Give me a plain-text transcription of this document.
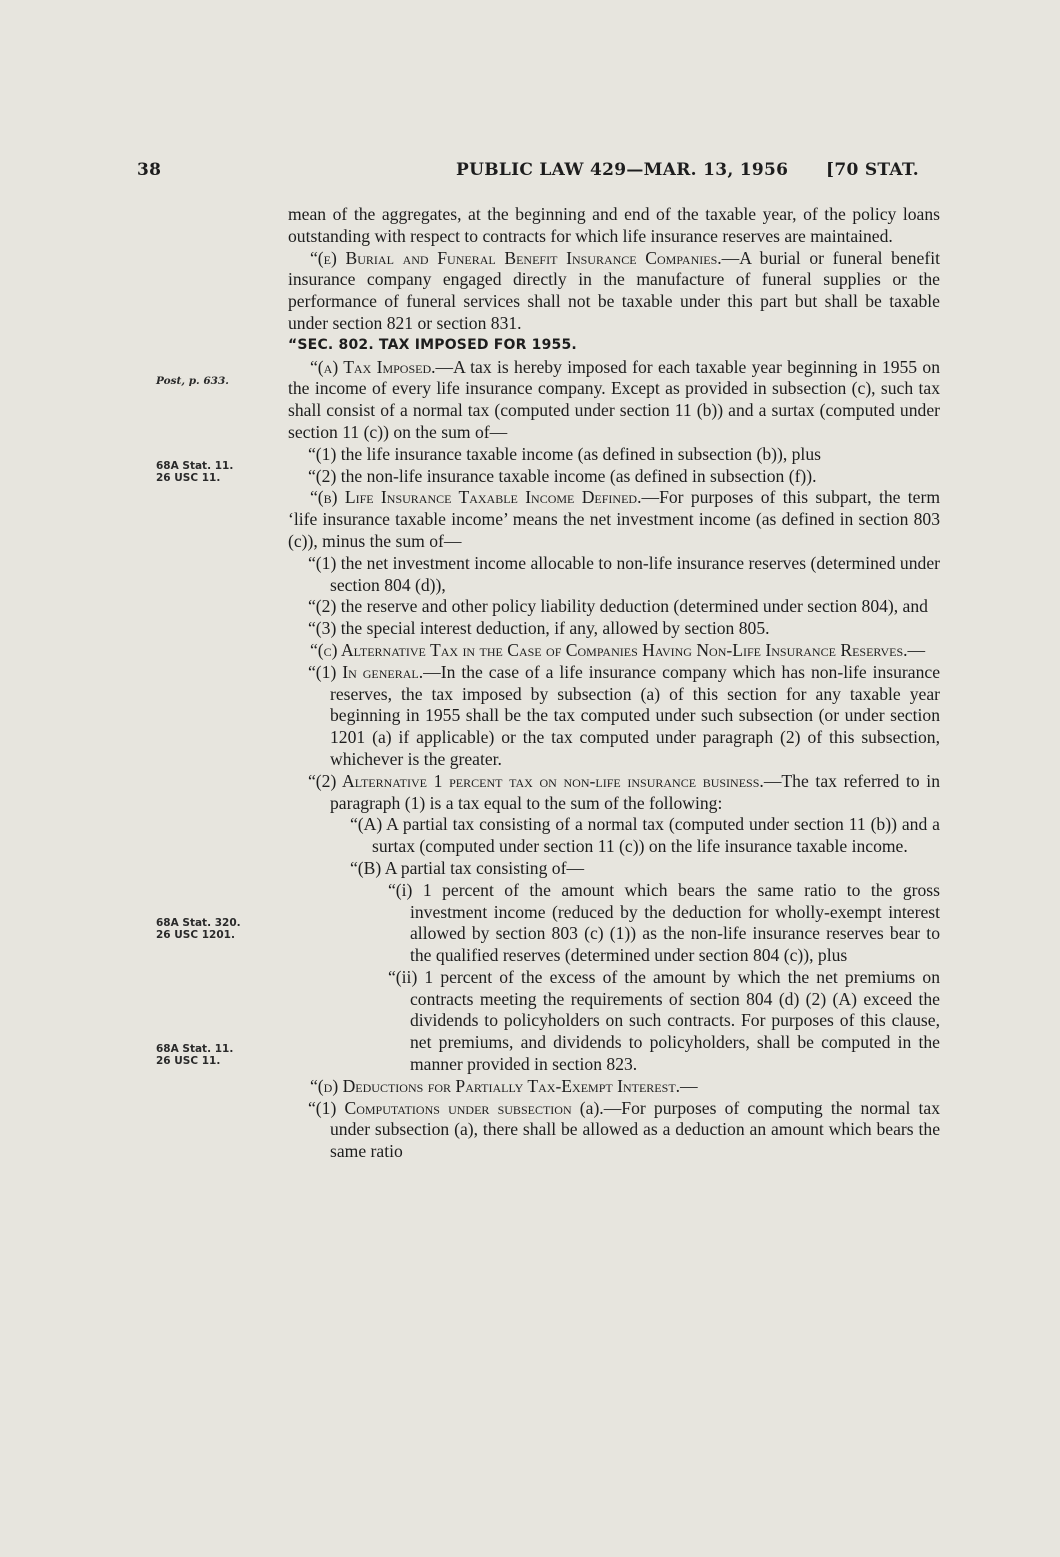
38	PUBLIC LAW 429—MAR. 13, 1956 [70 STAT.
Post, p. 633.
68A Stat. 11.
26 USC 11.
68A Stat. 320.
26 USC 1201.
68A Stat. 11.
26 USC 11.

mean of the aggregates, at the beginning and end of the taxable year, of the policy loans outstanding with respect to contracts for which life insurance reserves are maintained.

“(e) Burial and Funeral Benefit Insurance Companies.—A burial or funeral benefit insurance company engaged directly in the manufacture of funeral supplies or the performance of funeral services shall not be taxable under this part but shall be taxable under section 821 or section 831.

“SEC. 802. TAX IMPOSED FOR 1955.

“(a) Tax Imposed.—A tax is hereby imposed for each taxable year beginning in 1955 on the income of every life insurance company. Except as provided in subsection (c), such tax shall consist of a normal tax (computed under section 11 (b)) and a surtax (computed under section 11 (c)) on the sum of—

“(1) the life insurance taxable income (as defined in subsection (b)), plus

“(2) the non-life insurance taxable income (as defined in subsection (f)).

“(b) Life Insurance Taxable Income Defined.—For purposes of this subpart, the term ‘life insurance taxable income’ means the net investment income (as defined in section 803 (c)), minus the sum of—

“(1) the net investment income allocable to non-life insurance reserves (determined under section 804 (d)),

“(2) the reserve and other policy liability deduction (determined under section 804), and

“(3) the special interest deduction, if any, allowed by section 805.

“(c) Alternative Tax in the Case of Companies Having Non-Life Insurance Reserves.—

“(1) In general.—In the case of a life insurance company which has non-life insurance reserves, the tax imposed by subsection (a) of this section for any taxable year beginning in 1955 shall be the tax computed under such subsection (or under section 1201 (a) if applicable) or the tax computed under paragraph (2) of this subsection, whichever is the greater.

“(2) Alternative 1 percent tax on non-life insurance business.—The tax referred to in paragraph (1) is a tax equal to the sum of the following:

“(A) A partial tax consisting of a normal tax (computed under section 11 (b)) and a surtax (computed under section 11 (c)) on the life insurance taxable income.

“(B) A partial tax consisting of—

“(i) 1 percent of the amount which bears the same ratio to the gross investment income (reduced by the deduction for wholly-exempt interest allowed by section 803 (c) (1)) as the non-life insurance reserves bear to the qualified reserves (determined under section 804 (c)), plus

“(ii) 1 percent of the excess of the amount by which the net premiums on contracts meeting the requirements of section 804 (d) (2) (A) exceed the dividends to policyholders on such contracts. For purposes of this clause, net premiums, and dividends to policyholders, shall be computed in the manner provided in section 823.

“(d) Deductions for Partially Tax-Exempt Interest.—

“(1) Computations under subsection (a).—For purposes of computing the normal tax under subsection (a), there shall be allowed as a deduction an amount which bears the same ratio
